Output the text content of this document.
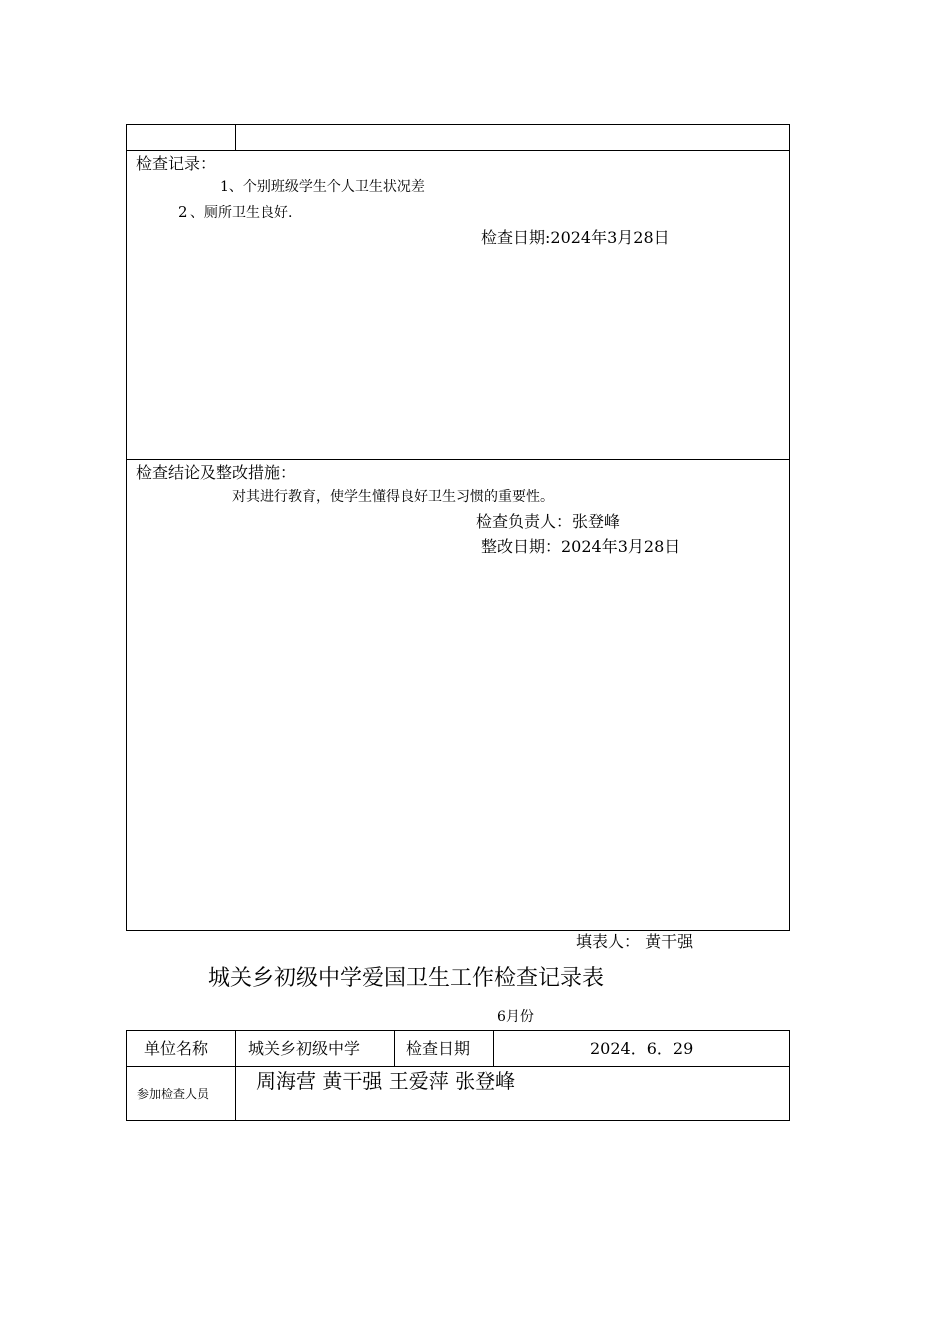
检查记录：
1、个别班级学生个人卫生状况差
2 、厕所卫生良好.
检查日期:2024年3月28日
检查结论及整改措施：
对其进行教育，使学生懂得良好卫生习惯的重要性。
检查负责人：张登峰
整改日期：2024年3月28日
填表人： 黄干强
城关乡初级中学爱国卫生工作检查记录表
6月份
单位名称 城关乡初级中学	检查日期	2024．6．29
参加检查人员
周海营 黄干强 王爱萍 张登峰
